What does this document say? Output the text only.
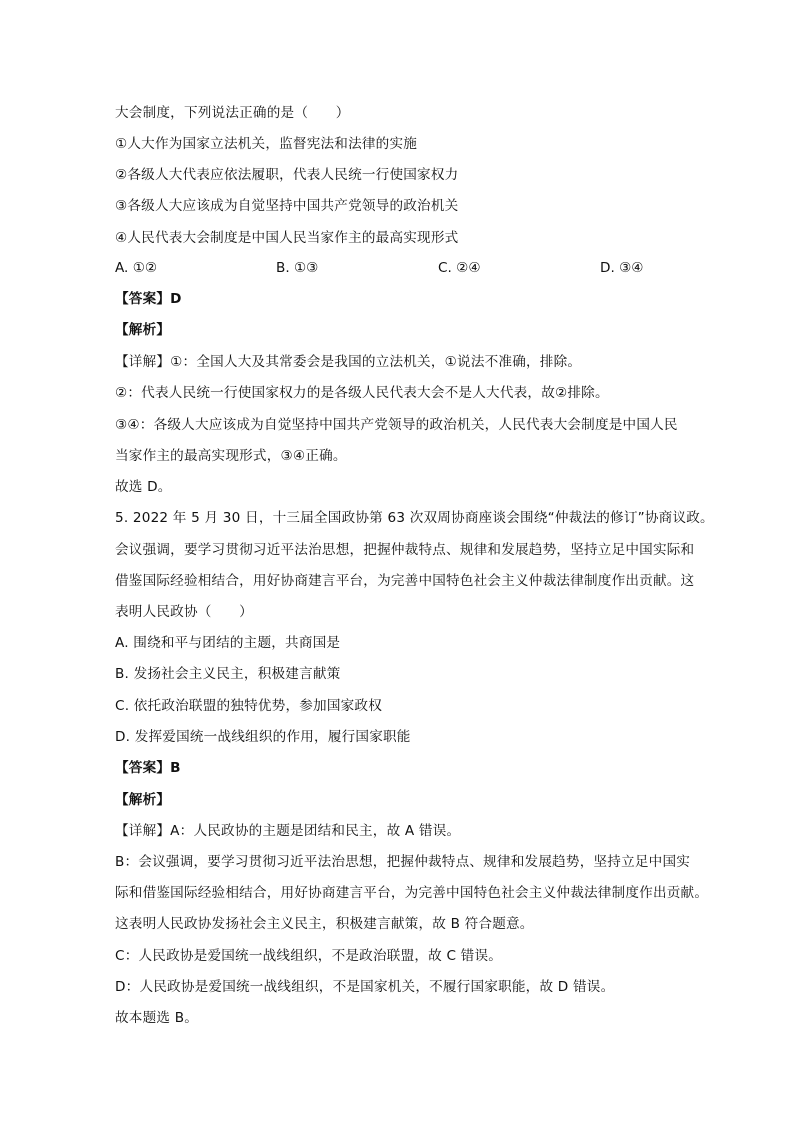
大会制度，下列说法正确的是（　　）
①人大作为国家立法机关，监督宪法和法律的实施
②各级人大代表应依法履职，代表人民统一行使国家权力
③各级人大应该成为自觉坚持中国共产党领导的政治机关
④人民代表大会制度是中国人民当家作主的最高实现形式
A. ①②	B. ①③	C. ②④	D. ③④
【答案】D
【解析】
【详解】①：全国人大及其常委会是我国的立法机关，①说法不准确，排除。
②：代表人民统一行使国家权力的是各级人民代表大会不是人大代表，故②排除。
③④：各级人大应该成为自觉坚持中国共产党领导的政治机关，人民代表大会制度是中国人民
当家作主的最高实现形式，③④正确。
故选 D。
5. 2022 年 5 月 30 日，十三届全国政协第 63 次双周协商座谈会围绕“仲裁法的修订”协商议政。
会议强调，要学习贯彻习近平法治思想，把握仲裁特点、规律和发展趋势，坚持立足中国实际和
借鉴国际经验相结合，用好协商建言平台，为完善中国特色社会主义仲裁法律制度作出贡献。这
表明人民政协（　　）
A. 围绕和平与团结的主题，共商国是
B. 发扬社会主义民主，积极建言献策
C. 依托政治联盟的独特优势，参加国家政权
D. 发挥爱国统一战线组织的作用，履行国家职能
【答案】B
【解析】
【详解】A：人民政协的主题是团结和民主，故 A 错误。
B：会议强调，要学习贯彻习近平法治思想，把握仲裁特点、规律和发展趋势，坚持立足中国实
际和借鉴国际经验相结合，用好协商建言平台，为完善中国特色社会主义仲裁法律制度作出贡献。
这表明人民政协发扬社会主义民主，积极建言献策，故 B 符合题意。
C：人民政协是爱国统一战线组织，不是政治联盟，故 C 错误。
D：人民政协是爱国统一战线组织，不是国家机关，不履行国家职能，故 D 错误。
故本题选 B。
